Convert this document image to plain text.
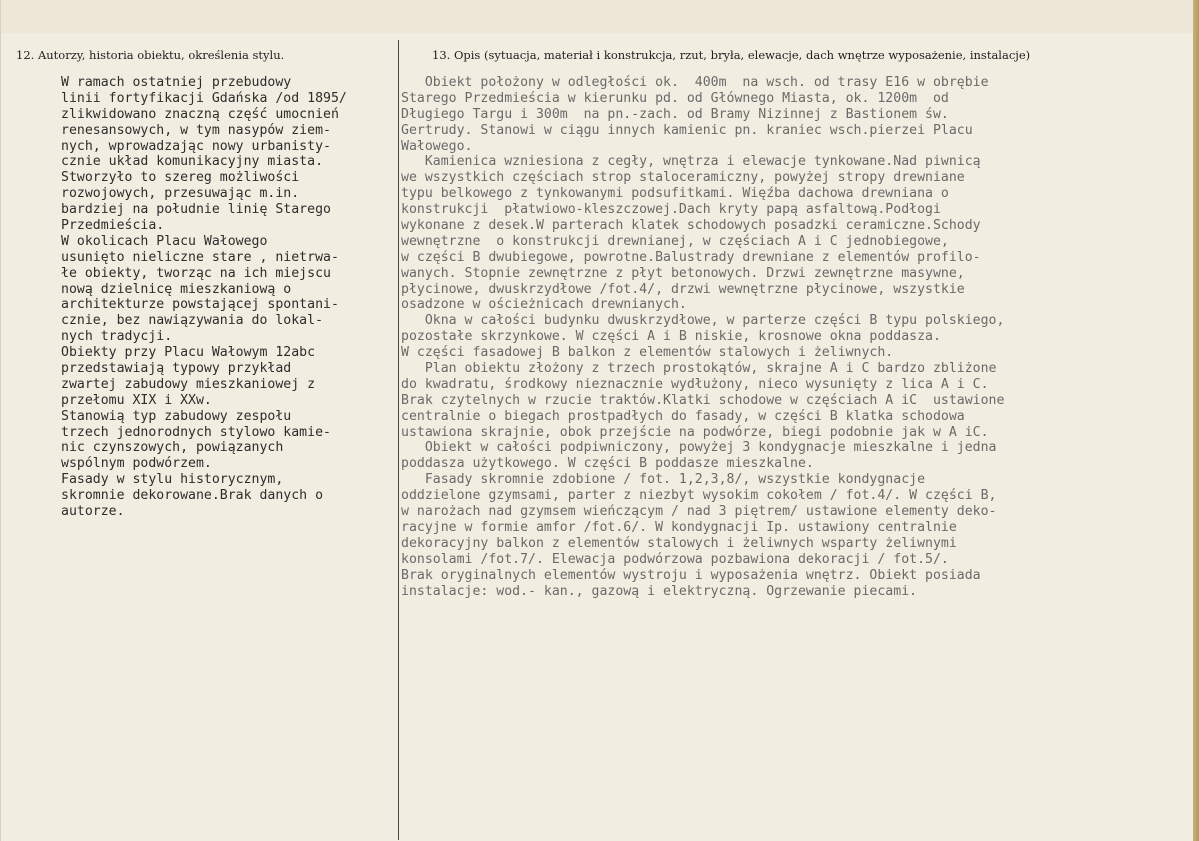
12. Autorzy, historia obiektu, określenia stylu.	13. Opis (sytuacja, materiał i konstrukcja, rzut, bryła, elewacje, dach wnętrze wyposażenie, instalacje)
W ramach ostatniej przebudowy
linii fortyfikacji Gdańska /od 1895/
zlikwidowano znaczną część umocnień
renesansowych, w tym nasypów ziem-
nych, wprowadzając nowy urbanisty-
cznie układ komunikacyjny miasta.
Stworzyło to szereg możliwości
rozwojowych, przesuwając m.in.
bardziej na południe linię Starego
Przedmieścia.
W okolicach Placu Wałowego
usunięto nieliczne stare , nietrwa-
łe obiekty, tworząc na ich miejscu
nową dzielnicę mieszkaniową o
architekturze powstającej spontani-
cznie, bez nawiązywania do lokal-
nych tradycji.
Obiekty przy Placu Wałowym 12abc
przedstawiają typowy przykład
zwartej zabudowy mieszkaniowej z
przełomu XIX i XXw.
Stanowią typ zabudowy zespołu
trzech jednorodnych stylowo kamie-
nic czynszowych, powiązanych
wspólnym podwórzem.
Fasady w stylu historycznym,
skromnie dekorowane.Brak danych o
autorze.
Obiekt położony w odległości ok.  400m  na wsch. od trasy E16 w obrębie
Starego Przedmieścia w kierunku pd. od Głównego Miasta, ok. 1200m  od
Długiego Targu i 300m  na pn.-zach. od Bramy Nizinnej z Bastionem św.
Gertrudy. Stanowi w ciągu innych kamienic pn. kraniec wsch.pierzei Placu
Wałowego.
Kamienica wzniesiona z cegły, wnętrza i elewacje tynkowane.Nad piwnicą
we wszystkich częściach strop staloceramiczny, powyżej stropy drewniane
typu belkowego z tynkowanymi podsufitkami. Więźba dachowa drewniana o
konstrukcji  płatwiowo-kleszczowej.Dach kryty papą asfaltową.Podłogi
wykonane z desek.W parterach klatek schodowych posadzki ceramiczne.Schody
wewnętrzne  o konstrukcji drewnianej, w częściach A i C jednobiegowe,
w części B dwubiegowe, powrotne.Balustrady drewniane z elementów profilo-
wanych. Stopnie zewnętrzne z płyt betonowych. Drzwi zewnętrzne masywne,
płycinowe, dwuskrzydłowe /fot.4/, drzwi wewnętrzne płycinowe, wszystkie
osadzone w ościeżnicach drewnianych.
Okna w całości budynku dwuskrzydłowe, w parterze części B typu polskiego,
pozostałe skrzynkowe. W części A i B niskie, krosnowe okna poddasza.
W części fasadowej B balkon z elementów stalowych i żeliwnych.
Plan obiektu złożony z trzech prostokątów, skrajne A i C bardzo zbliżone
do kwadratu, środkowy nieznacznie wydłużony, nieco wysunięty z lica A i C.
Brak czytelnych w rzucie traktów.Klatki schodowe w częściach A iC  ustawione
centralnie o biegach prostpadłych do fasady, w części B klatka schodowa
ustawiona skrajnie, obok przejście na podwórze, biegi podobnie jak w A iC.
Obiekt w całości podpiwniczony, powyżej 3 kondygnacje mieszkalne i jedna
poddasza użytkowego. W części B poddasze mieszkalne.
Fasady skromnie zdobione / fot. 1,2,3,8/, wszystkie kondygnacje
oddzielone gzymsami, parter z niezbyt wysokim cokołem / fot.4/. W części B,
w narożach nad gzymsem wieńczącym / nad 3 piętrem/ ustawione elementy deko-
racyjne w formie amfor /fot.6/. W kondygnacji Ip. ustawiony centralnie
dekoracyjny balkon z elementów stalowych i żeliwnych wsparty żeliwnymi
konsolami /fot.7/. Elewacja podwórzowa pozbawiona dekoracji / fot.5/.
Brak oryginalnych elementów wystroju i wyposażenia wnętrz. Obiekt posiada
instalacje: wod.- kan., gazową i elektryczną. Ogrzewanie piecami.
